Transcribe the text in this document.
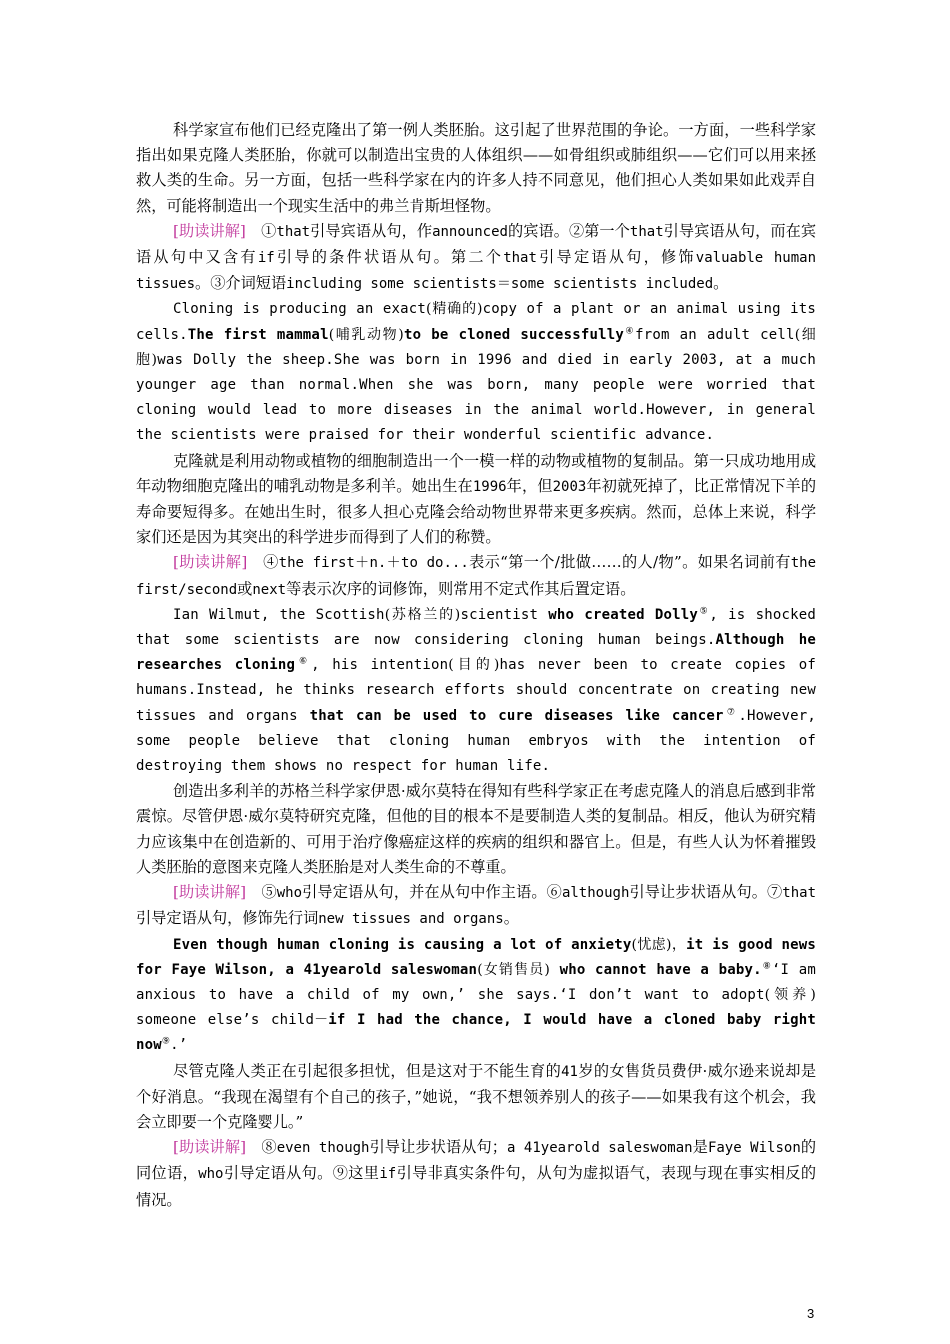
科学家宣布他们已经克隆出了第一例人类胚胎。这引起了世界范围的争论。一方面，一些科学家指出如果克隆人类胚胎，你就可以制造出宝贵的人体组织——如骨组织或肺组织——它们可以用来拯救人类的生命。另一方面，包括一些科学家在内的许多人持不同意见，他们担心人类如果如此戏弄自然，可能将制造出一个现实生活中的弗兰肯斯坦怪物。

[助读讲解]　①that引导宾语从句，作announced的宾语。②第一个that引导宾语从句，而在宾语从句中又含有if引导的条件状语从句。第二个that引导定语从句，修饰valuable human tissues。③介词短语including some scientists＝some scientists included。

Cloning is producing an exact(精确的)copy of a plant or an animal using its cells.The first mammal(哺乳动物)to be cloned successfully④from an adult cell(细胞)was Dolly the sheep.She was born in 1996 and died in early 2003, at a much younger age than normal.When she was born, many people were worried that cloning would lead to more diseases in the animal world.However, in general the scientists were praised for their wonderful scientific advance.

克隆就是利用动物或植物的细胞制造出一个一模一样的动物或植物的复制品。第一只成功地用成年动物细胞克隆出的哺乳动物是多利羊。她出生在1996年，但2003年初就死掉了，比正常情况下羊的寿命要短得多。在她出生时，很多人担心克隆会给动物世界带来更多疾病。然而，总体上来说，科学家们还是因为其突出的科学进步而得到了人们的称赞。

[助读讲解]　④the first＋n.＋to do...表示“第一个/批做……的人/物”。如果名词前有the first/second或next等表示次序的词修饰，则常用不定式作其后置定语。

Ian Wilmut, the Scottish(苏格兰的)scientist who created Dolly⑤, is shocked that some scientists are now considering cloning human beings.Although he researches cloning⑥, his intention(目的)has never been to create copies of humans.Instead, he thinks research efforts should concentrate on creating new tissues and organs that can be used to cure diseases like cancer⑦.However, some people believe that cloning human embryos with the intention of destroying them shows no respect for human life.

创造出多利羊的苏格兰科学家伊恩·威尔莫特在得知有些科学家正在考虑克隆人的消息后感到非常震惊。尽管伊恩·威尔莫特研究克隆，但他的目的根本不是要制造人类的复制品。相反，他认为研究精力应该集中在创造新的、可用于治疗像癌症这样的疾病的组织和器官上。但是，有些人认为怀着摧毁人类胚胎的意图来克隆人类胚胎是对人类生命的不尊重。

[助读讲解]　⑤who引导定语从句，并在从句中作主语。⑥although引导让步状语从句。⑦that引导定语从句，修饰先行词new tissues and organs。

Even though human cloning is causing a lot of anxiety(忧虑)，it is good news for Faye Wilson, a 41yearold saleswoman(女销售员) who cannot have a baby.⑧‘I am anxious to have a child of my own,’ she says.‘I don’t want to adopt(领养) someone else’s child－if I had the chance, I would have a cloned baby right now⑨.’

尽管克隆人类正在引起很多担忧，但是这对于不能生育的41岁的女售货员费伊·威尔逊来说却是个好消息。“我现在渴望有个自己的孩子，”她说，“我不想领养别人的孩子——如果我有这个机会，我会立即要一个克隆婴儿。”

[助读讲解]　⑧even though引导让步状语从句；a 41yearold saleswoman是Faye Wilson的同位语，who引导定语从句。⑨这里if引导非真实条件句，从句为虚拟语气，表现与现在事实相反的情况。

3
